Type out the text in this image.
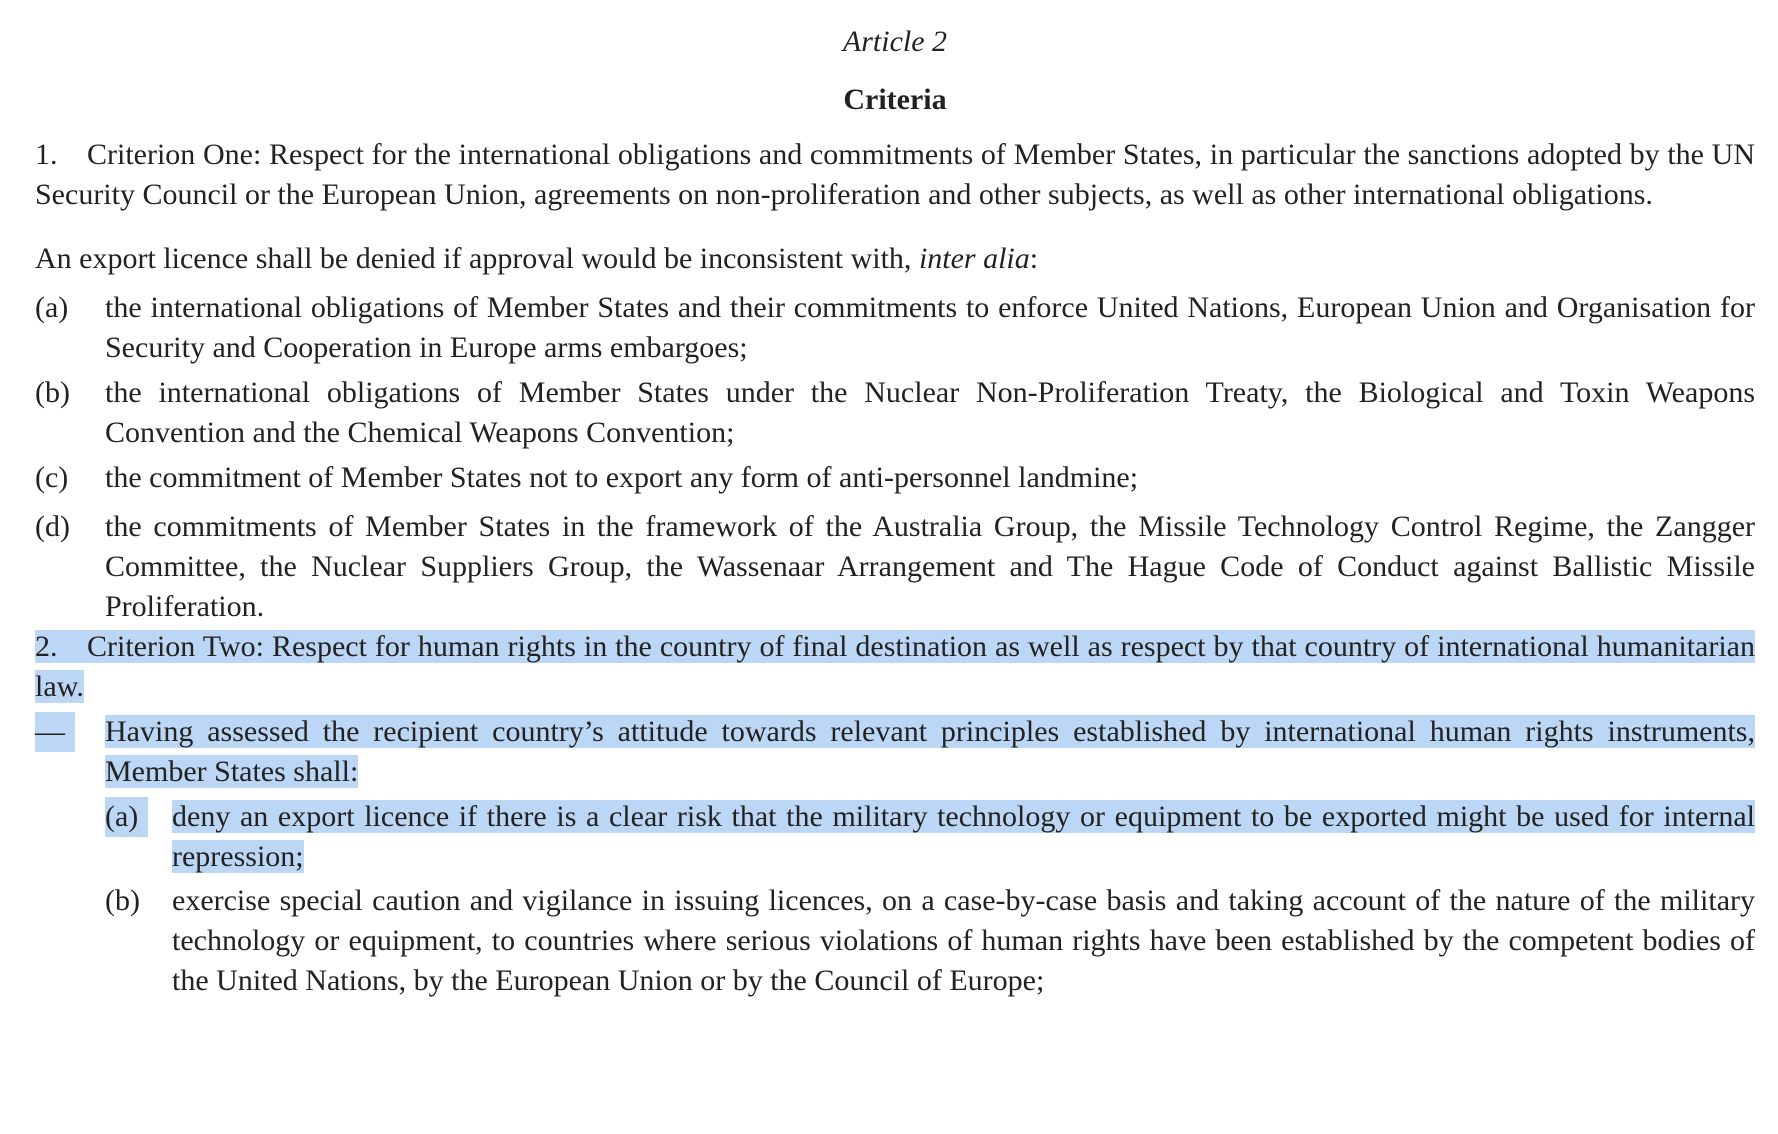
Article 2
Criteria
1. Criterion One: Respect for the international obligations and commitments of Member States, in particular the sanctions adopted by the UN Security Council or the European Union, agreements on non-proliferation and other subjects, as well as other international obligations.
An export licence shall be denied if approval would be inconsistent with, inter alia:
(a) the international obligations of Member States and their commitments to enforce United Nations, European Union and Organisation for Security and Cooperation in Europe arms embargoes;
(b) the international obligations of Member States under the Nuclear Non-Proliferation Treaty, the Biological and Toxin Weapons Convention and the Chemical Weapons Convention;
(c) the commitment of Member States not to export any form of anti-personnel landmine;
(d) the commitments of Member States in the framework of the Australia Group, the Missile Technology Control Regime, the Zangger Committee, the Nuclear Suppliers Group, the Wassenaar Arrangement and The Hague Code of Conduct against Ballistic Missile Proliferation.
2. Criterion Two: Respect for human rights in the country of final destination as well as respect by that country of international humanitarian law.
—	Having assessed the recipient country’s attitude towards relevant principles established by international human rights instruments, Member States shall:
(a)	deny an export licence if there is a clear risk that the military technology or equipment to be exported might be used for internal repression;
(b) exercise special caution and vigilance in issuing licences, on a case-by-case basis and taking account of the nature of the military technology or equipment, to countries where serious violations of human rights have been established by the competent bodies of the United Nations, by the European Union or by the Council of Europe;
